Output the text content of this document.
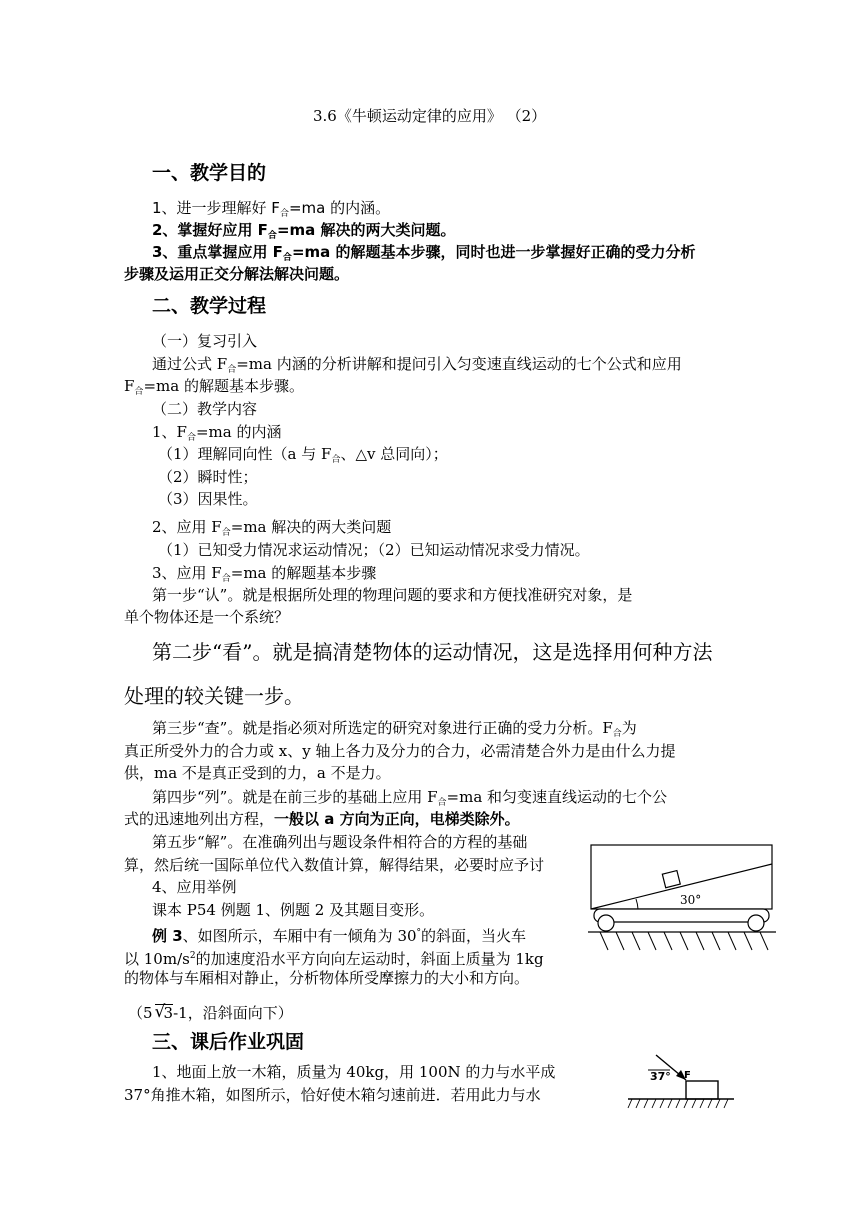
3.6《牛顿运动定律的应用》 （2）
一、教学目的
1、进一步理解好 $F_合=ma$ 的内涵。
2、掌握好应用 $F_合=ma$ 解决的两大类问题。
3、重点掌握应用 $F_合=ma$ 的解题基本步骤，同时也进一步掌握好正确的受力分析
步骤及运用正交分解法解决问题。
二、教学过程
（一）复习引入
通过公式 $F_合=ma$ 内涵的分析讲解和提问引入匀变速直线运动的七个公式和应用
$F_合=ma$ 的解题基本步骤。
（二）教学内容
1、$F_合=ma$ 的内涵
（1）理解同向性（a 与 $F_合$、△v 总同向）；
（2）瞬时性；
（3）因果性。
2、应用 $F_合=ma$ 解决的两大类问题
（1）已知受力情况求运动情况；（2）已知运动情况求受力情况。
3、应用 $F_合=ma$ 的解题基本步骤
第一步“认”。就是根据所处理的物理问题的要求和方便找准研究对象，是
单个物体还是一个系统？
第二步“看”。就是搞清楚物体的运动情况，这是选择用何种方法
处理的较关键一步。
第三步“查”。就是指必须对所选定的研究对象进行正确的受力分析。$F_合$为
真正所受外力的合力或 x、y 轴上各力及分力的合力，必需清楚合外力是由什么力提
供，ma 不是真正受到的力，a 不是力。
第四步“列”。就是在前三步的基础上应用 $F_合=ma$ 和匀变速直线运动的七个公
式的迅速地列出方程，一般以 a 方向为正向，电梯类除外。
第五步“解”。在准确列出与题设条件相符合的方程的基础
算，然后统一国际单位代入数值计算，解得结果，必要时应予讨
4、应用举例
课本 P54 例题 1、例题 2 及其题目变形。
例 3、如图所示，车厢中有一倾角为 30°的斜面，当火车
以 $10m/s^2$的加速度沿水平方向向左运动时，斜面上质量为 1kg
的物体与车厢相对静止，分析物体所受摩擦力的大小和方向。
（5 √
3-1，沿斜面向下）
三、课后作业巩固
1、地面上放一木箱，质量为 40kg，用 100N 的力与水平成
37°角推木箱，如图所示，恰好使木箱匀速前进．若用此力与水
30°
37° F
